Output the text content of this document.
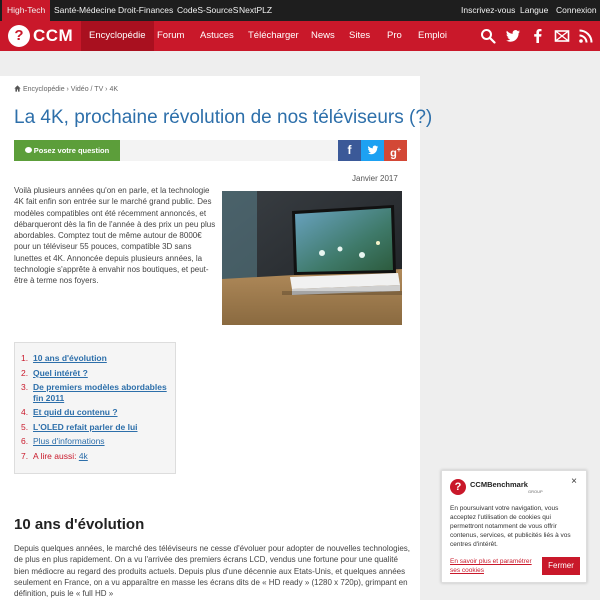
High-Tech	Santé-Médecine Droit-Finances CodeS-SourceS NextPLZ	Inscrivez-vous Langue Connexion
? CCM	Encyclopédie	Forum Astuces Télécharger News Sites Pro Emploi
Encyclopédie › Vidéo / TV › 4K
La 4K, prochaine révolution de nos téléviseurs (?)
Posez votre question	f	g+
Janvier 2017

Voilà plusieurs années qu'on en parle, et la technologie 4K fait enfin son entrée sur le marché grand public. Des modèles compatibles ont été récemment annoncés, et débarqueront dès la fin de l'année à des prix un peu plus abordables. Comptez tout de même autour de 8000€ pour un téléviseur 55 pouces, compatible 3D sans lunettes et 4K. Annoncée depuis plusieurs années, la technologie s'apprête à envahir nos boutiques, et peut-être à terme nos foyers.

1. 10 ans d'évolution
2. Quel intérêt ?
3. De premiers modèles abordables fin 2011
4. Et quid du contenu ?
5. L'OLED refait parler de lui
6. Plus d'informations
7. A lire aussi: 4k
10 ans d'évolution

Depuis quelques années, le marché des téléviseurs ne cesse d'évoluer pour adopter de nouvelles technologies, de plus en plus rapidement. On a vu l'arrivée des premiers écrans LCD, vendus une fortune pour une qualité bien médiocre au regard des produits actuels. Depuis plus d'une décennie aux Etats-Unis, et quelques années seulement en France, on a vu apparaître en masse les écrans dits de « HD ready » (1280 x 720p), grimpant en définition, puis le « full HD »

×
?	CCMBenchmark
GROUP

En poursuivant votre navigation, vous acceptez l'utilisation de cookies qui permettront notamment de vous offrir contenus, services, et publicités liés à vos centres d'intérêt.

En savoir plus et paramétrer ses cookies	Fermer
